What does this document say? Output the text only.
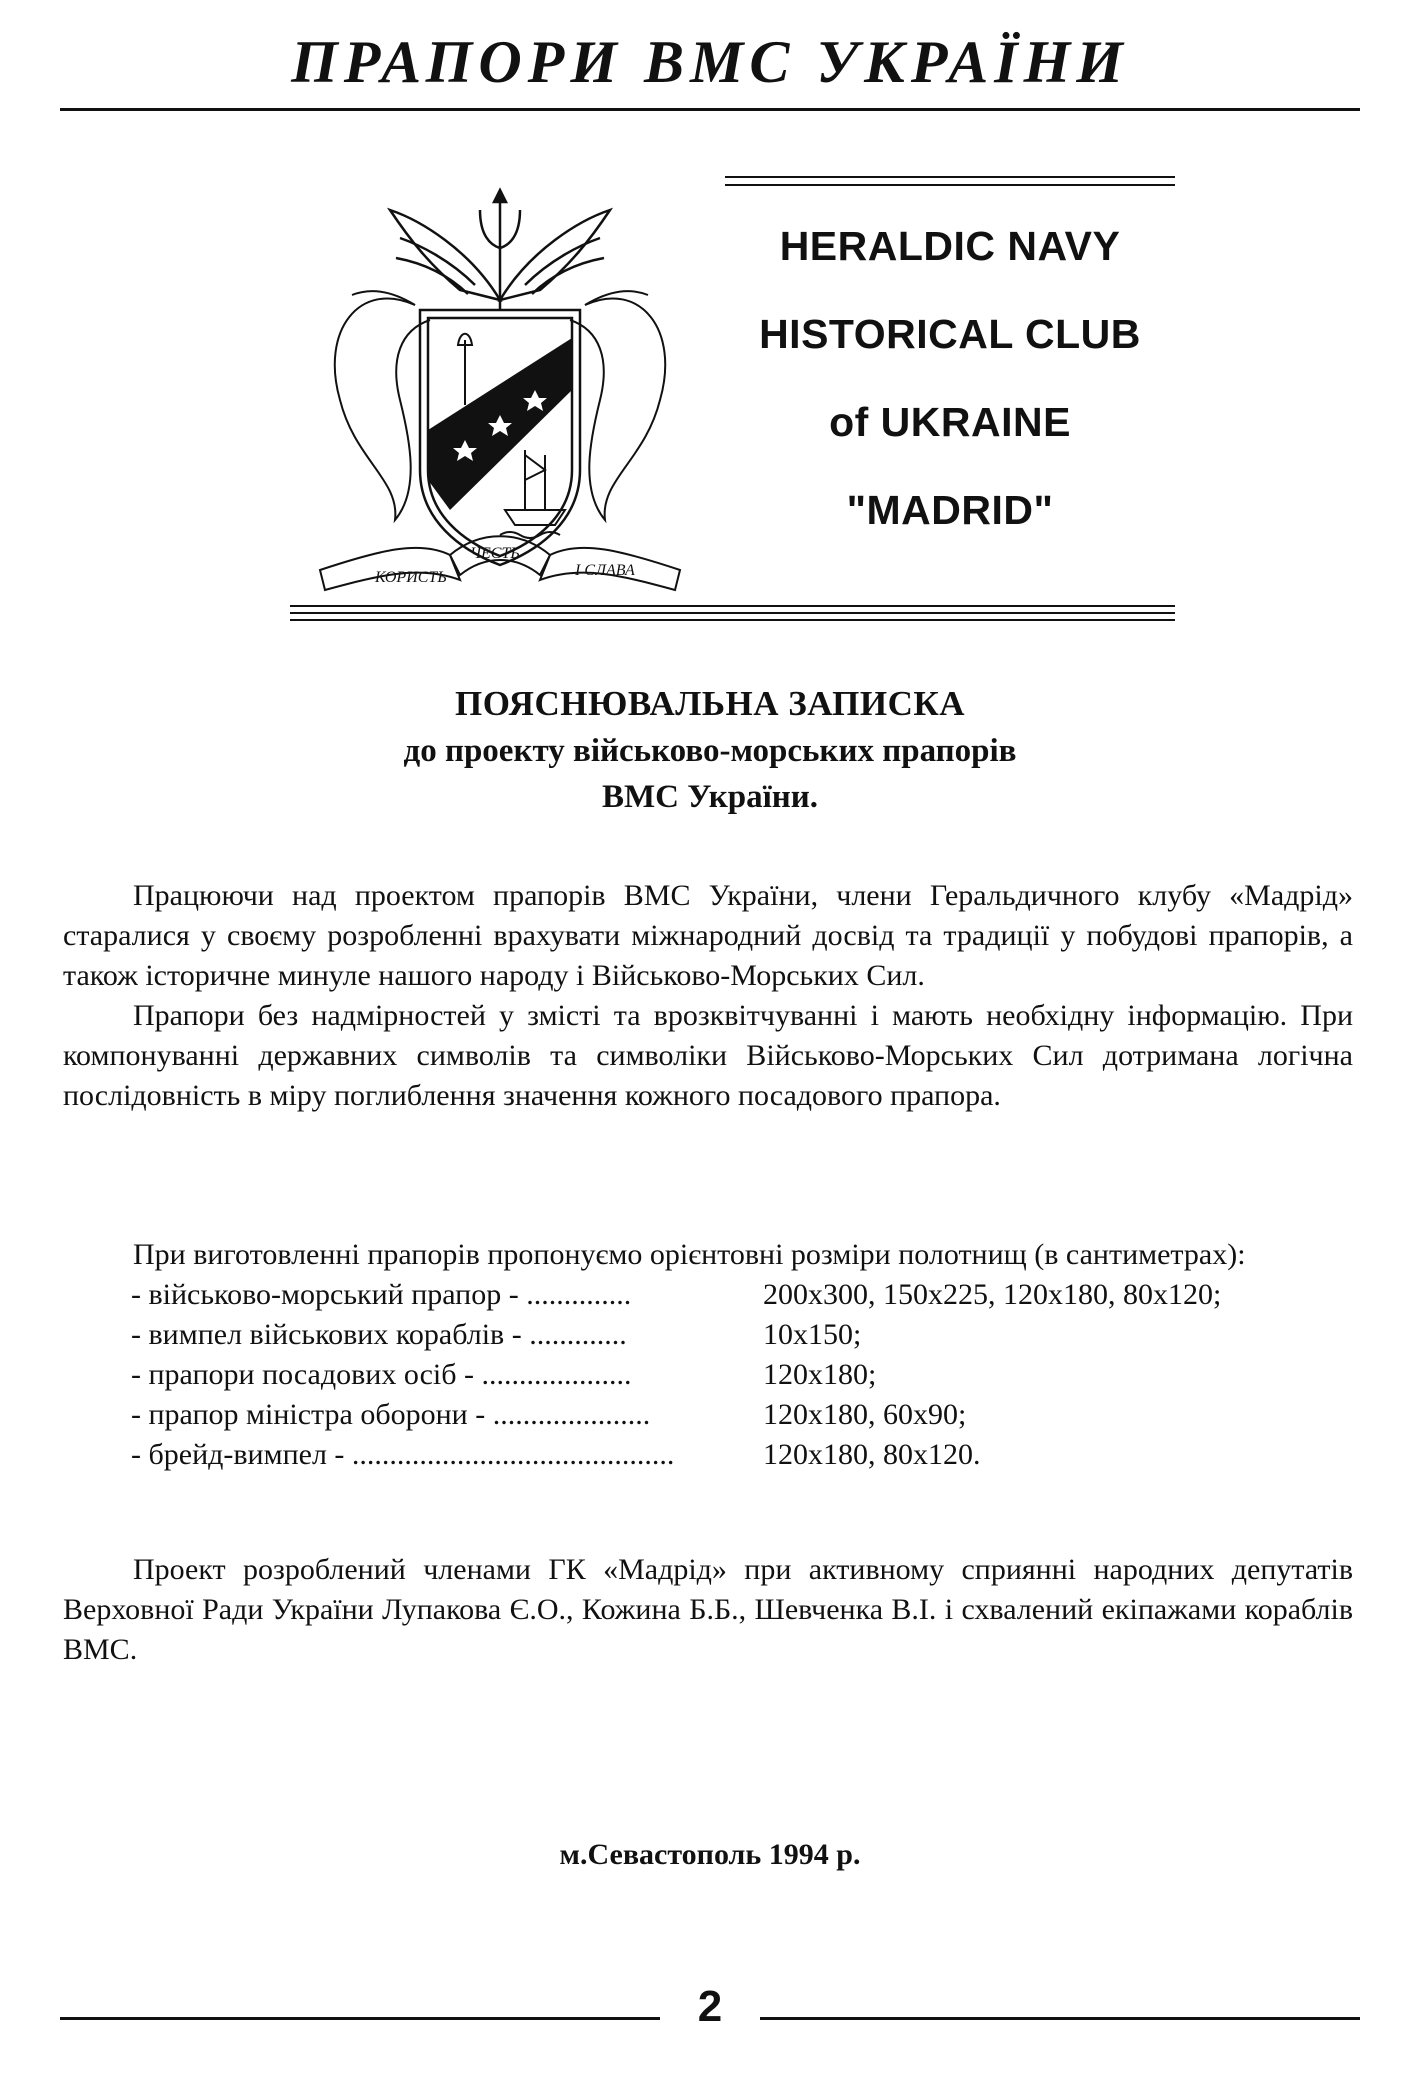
ПРАПОРИ ВМС УКРАЇНИ
КОРИСТЬ
ЧЕСТЬ
І СЛАВА
HERALDIC NAVY
HISTORICAL CLUB
of UKRAINE
"MADRID"
ПОЯСНЮВАЛЬНА ЗАПИСКА
до проекту військово-морських прапорів
ВМС України.

Працюючи над проектом прапорів ВМС України, члени Геральдичного клубу «Мадрід» старалися у своєму розробленні врахувати міжнародний досвід та традиції у побудові прапорів, а також історичне минуле нашого народу і Військово-Морських Сил.

Прапори без надмірностей у змісті та врозквітчуванні і мають необхідну інформацію. При компонуванні державних символів та символіки Військово-Морських Сил дотримана логічна послідовність в міру поглиблення значення кожного посадового прапора.

При виготовленні прапорів пропонуємо орієнтовні розміри полотнищ (в сантиметрах):

- військово-морський прапор - ..............	200х300, 150х225, 120х180, 80х120;
- вимпел військових кораблів - .............	10х150;
- прапори посадових осіб - ....................	120х180;
- прапор міністра оборони - .....................	120х180, 60х90;
- брейд-вимпел - ...........................................	120х180, 80х120.

Проект розроблений членами ГК «Мадрід» при активному сприянні народних депутатів Верховної Ради України Лупакова Є.О., Кожина Б.Б., Шевченка В.І. і схвалений екіпажами кораблів ВМС.

м.Севастополь 1994 р.
2
